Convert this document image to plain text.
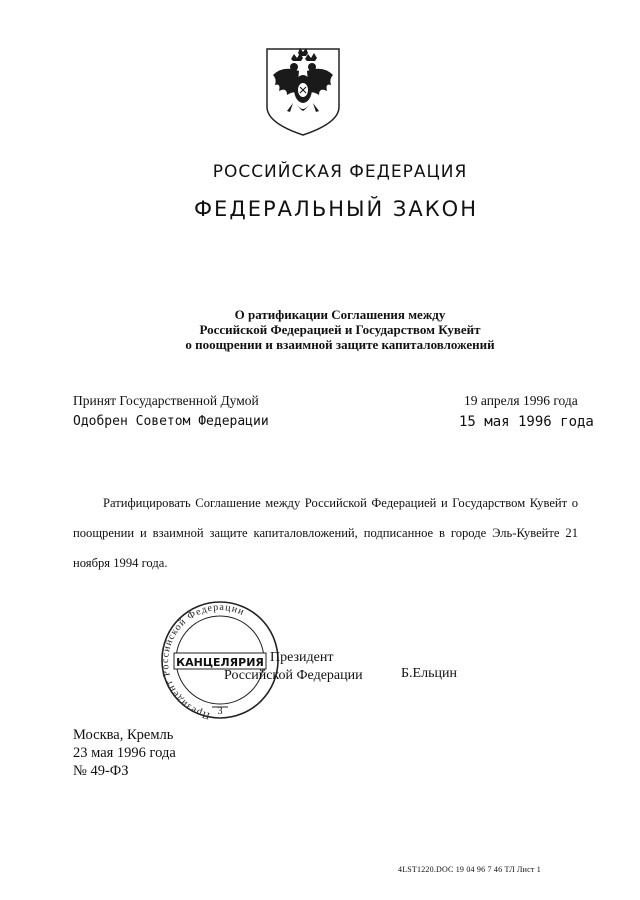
РОССИЙСКАЯ ФЕДЕРАЦИЯ
ФЕДЕРАЛЬНЫЙ ЗАКОН
О ратификации Соглашения между
Российской Федерацией и Государством Кувейт
о поощрении и взаимной защите капиталовложений
Принят Государственной Думой	19 апреля 1996 года
Одобрен Советом Федерации	15 мая 1996 года
Ратифицировать Соглашение между Российской Федерацией и Государством Кувейт о поощрении и взаимной защите капиталовложений, подписанное в городе Эль-Кувейте 21 ноября 1994 года.
Президент Российской Федерации
КАНЦЕЛЯРИЯ
3
Президент
Российской Федерации	Б.Ельцин
Москва, Кремль
23 мая 1996 года
№ 49-ФЗ
4LST1220.DOC 19 04 96 7 46 ТЛ Лист 1
